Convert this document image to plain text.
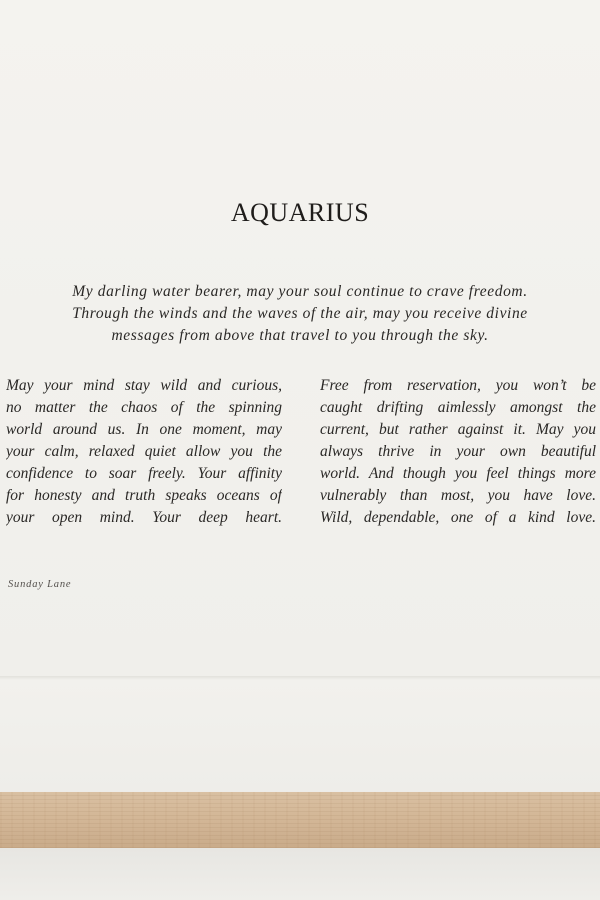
AQUARIUS
My darling water bearer, may your soul continue to crave freedom.
Through the winds and the waves of the air, may you receive divine
messages from above that travel to you through the sky.
May your mind stay wild and curious,
no matter the chaos of the spinning
world around us. In one moment, may
your calm, relaxed quiet allow you the
confidence to soar freely. Your affinity
for honesty and truth speaks oceans of
your open mind. Your deep heart.
Free from reservation, you won’t be
caught drifting aimlessly amongst the
current, but rather against it. May you
always thrive in your own beautiful
world. And though you feel things more
vulnerably than most, you have love.
Wild, dependable, one of a kind love.
Sunday Lane
